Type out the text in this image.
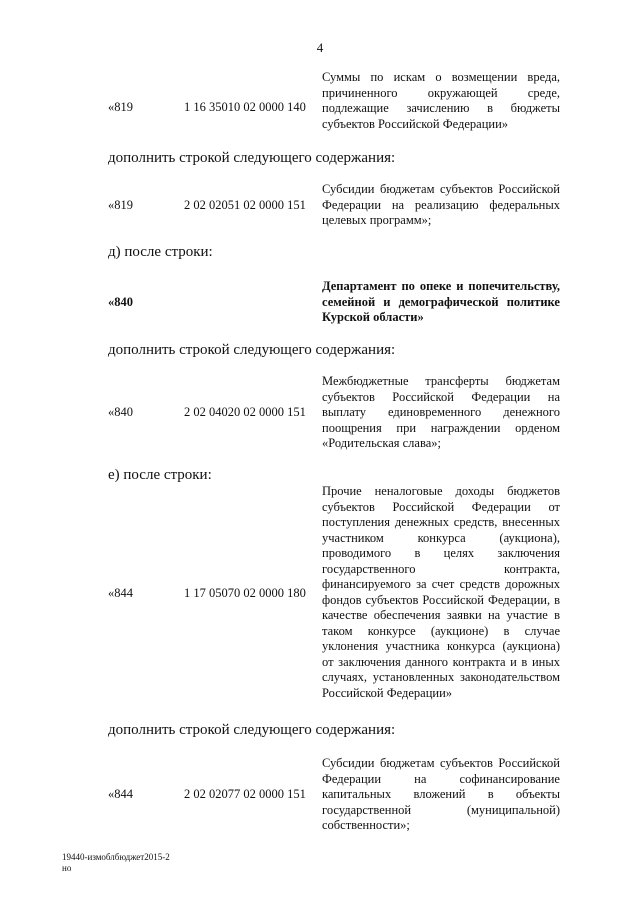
4
«819	1 16 35010 02 0000 140
Суммы по искам о возмещении вреда, причиненного окружающей среде, подлежащие зачислению в бюджеты субъектов Российской Федерации»
дополнить строкой следующего содержания:
«819	2 02 02051 02 0000 151
Субсидии бюджетам субъектов Российской Федерации на реализацию федеральных целевых программ»;
д) после строки:
«840
Департамент по опеке и попечительству, семейной и демографической политике Курской области»
дополнить строкой следующего содержания:
«840	2 02 04020 02 0000 151
Межбюджетные трансферты бюджетам субъектов Российской Федерации на выплату единовременного денежного поощрения при награждении орденом «Родительская слава»;
е) после строки:
«844	1 17 05070 02 0000 180
Прочие неналоговые доходы бюджетов субъектов Российской Федерации от поступления денежных средств, внесенных участником конкурса (аукциона), проводимого в целях заключения государственного контракта, финансируемого за счет средств дорожных фондов субъектов Российской Федерации, в качестве обеспечения заявки на участие в таком конкурсе (аукционе) в случае уклонения участника конкурса (аукциона) от заключения данного контракта и в иных случаях, установленных законодательством Российской Федерации»
дополнить строкой следующего содержания:
«844	2 02 02077 02 0000 151
Субсидии бюджетам субъектов Российской Федерации на софинансирование капитальных вложений в объекты государственной (муниципальной) собственности»;
19440-измоблбюджет2015-2
но
